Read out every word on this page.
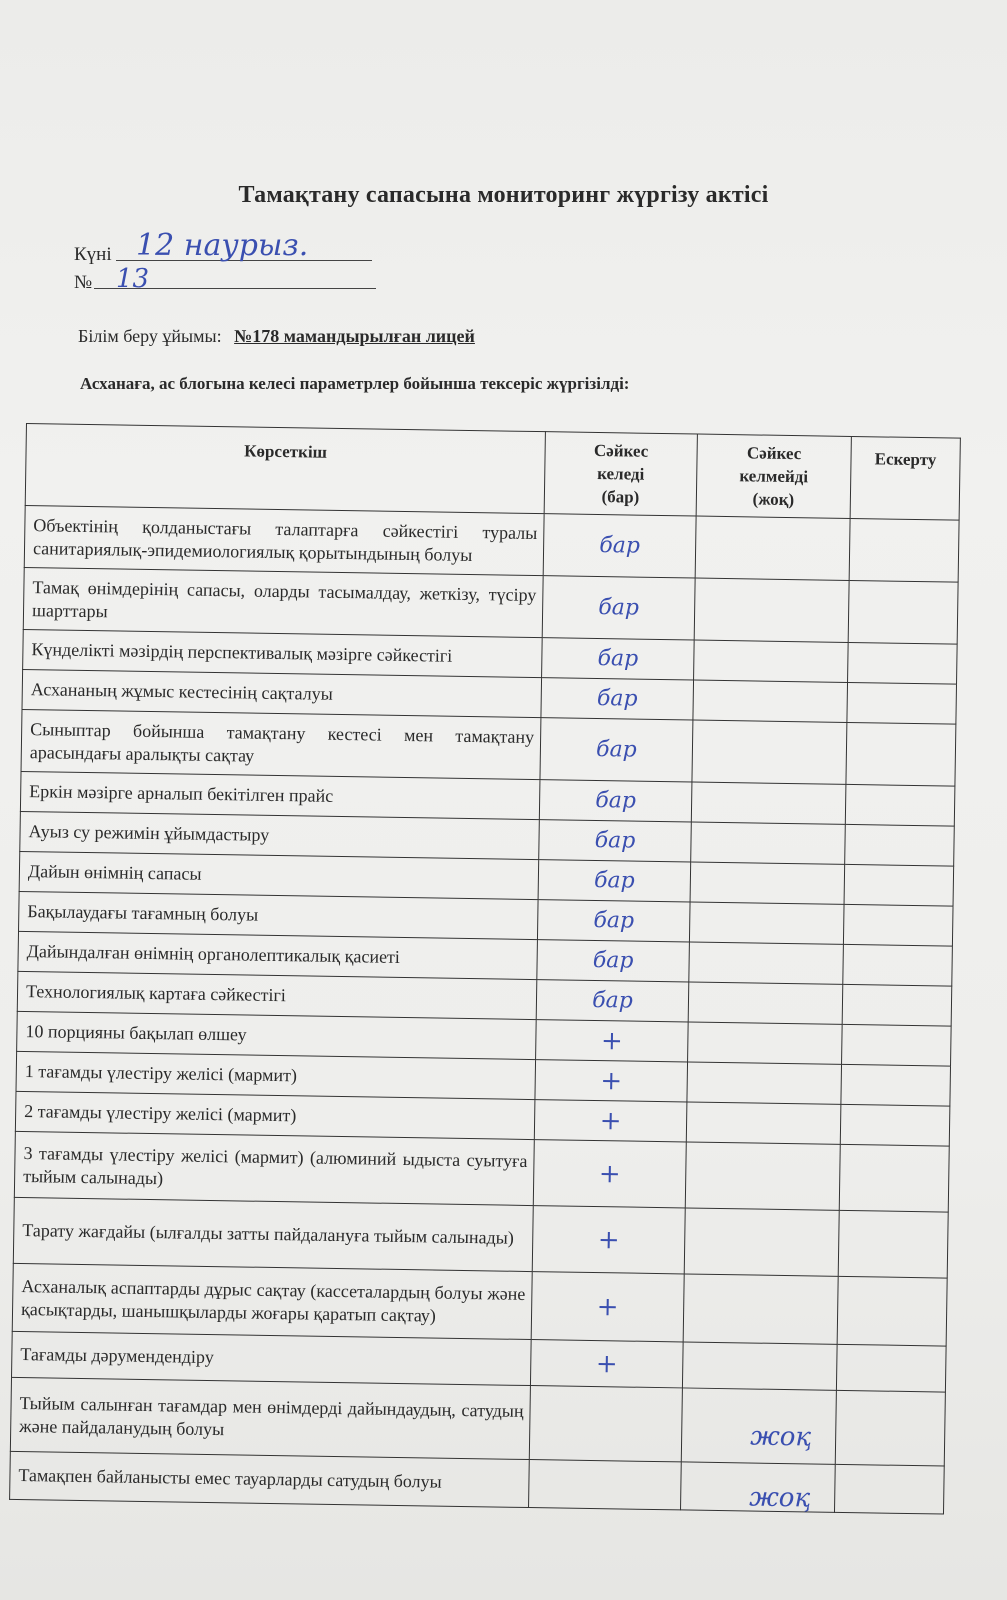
Тамақтану сапасына мониторинг жүргізу актісі
Күні 12 наурыз.
№ 13
Білім беру ұйымы: №178 мамандырылған лицей
Асханаға, ас блогына келесі параметрлер бойынша тексеріс жүргізілді:
Көрсеткіш	Сәйкес келеді (бар)	Сәйкес келмейді (жоқ)	Ескерту
Объектінің қолданыстағы талаптарға сәйкестігі туралы санитариялық-эпидемиологиялық қорытындының болуы	бар		
Тамақ өнімдерінің сапасы, оларды тасымалдау, жеткізу, түсіру шарттары	бар		
Күнделікті мәзірдің перспективалық мәзірге сәйкестігі	бар		
Асхананың жұмыс кестесінің сақталуы	бар		
Сыныптар бойынша тамақтану кестесі мен тамақтану арасындағы аралықты сақтау	бар		
Еркін мәзірге арналып бекітілген прайс	бар		
Ауыз су режимін ұйымдастыру	бар		
Дайын өнімнің сапасы	бар		
Бақылаудағы тағамның болуы	бар		
Дайындалған өнімнің органолептикалық қасиеті	бар		
Технологиялық картаға сәйкестігі	бар		
10 порцияны бақылап өлшеу	+		
1 тағамды үлестіру желісі (мармит)	+		
2 тағамды үлестіру желісі (мармит)	+		
3 тағамды үлестіру желісі (мармит) (алюминий ыдыста суытуға тыйым салынады)	+		
Тарату жағдайы (ылғалды затты пайдалануға тыйым салынады)	+		
Асханалық аспаптарды дұрыс сақтау (кассеталардың болуы және қасықтарды, шанышқыларды жоғары қаратып сақтау)	+		
Тағамды дәрумендендіру	+		
Тыйым салынған тағамдар мен өнімдерді дайындаудың, сатудың және пайдаланудың болуы		жоқ	
Тамақпен байланысты емес тауарларды сатудың болуы		жоқ	
